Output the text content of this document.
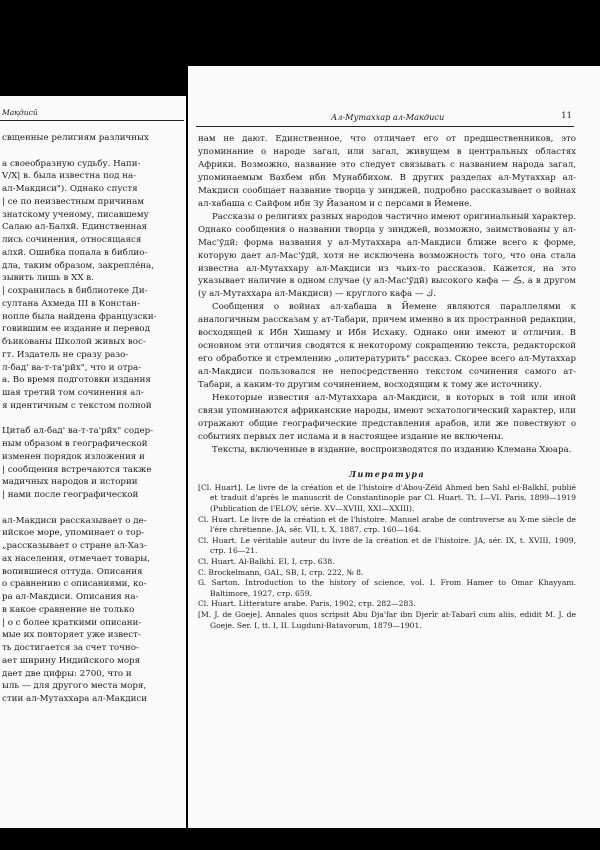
Мақдисӣ
свщенные религиям различных
а своеобразную судьбу. Напи-
V/X| в. была известна под на-
ал-Макдиси"). Однако спустя
| се по неизвестным причинам
знатскому ученому, писавшему
Салаю ал-Балхӣ. Единственная
лись сочинения, относящаяся
алхӣ. Ошибка попала в библио-
дла, таким образом, закрепле́на,
зывить лишь в XX в.
| сохранилась в библиотеке Ди-
султана Ахмеда III в Констан-
нопле была найдена французски-
говившим ее издание и перевод
бъикованы Школой живых вос-
гт. Издатель не сразу разо-
л-бад' ва-т-та'рӣх", что и отра-
а. Во время подготовки издания
шая третий том сочинения ал-
я идентичным с текстом полной
Цитаб ал-бад' ва-т-та'рӣх" содер-
ным образом в географической
изменен порядок изложения и
| сообщения встречаются также
мадичных народов и истории
| нами после географической
ал-Макдиси рассказывает о де-
ийское море, упоминает о тор-
„рассказывает о стране ал-Хаз-
ах населения, отмечает товары,
вопившиеся оттуда. Описания
о сравнению с описаниями, ко-
ра ал-Макдиси. Описания на-
в какое сравнение не только
| о с более краткими описани-
мые их повторяет уже извест-
ть достигается за счет точно-
ает ширину Индийского моря
дает две цифры: 2700, что и
ыль — для другого места моря,
стии ал-Мутаххара ал-Макдиси
Ал-Мутаххар ал-Макдиси	11

нам не дают. Единственное, что отличает его от предшественников, это упоминание о народе загал, или загал, живущем в центральных областях Африки. Возможно, название это следует связывать с названием народа загал, упоминаемым Вахбем ибн Мунаббихом. В других разделах ал-Мутаххар ал-Макдиси сообщает название творца у зинджей, подробно рассказывает о войнах ал-хабаша с Сайфом ибн Зу Йазаном и с персами в Йемене.

Рассказы о религиях разных народов частично имеют оригинальный характер. Однако сообщения о названии творца у зинджей, возможно, заимствованы у ал-Мас'ӯдӣ: форма названия у ал-Мутаххара ал-Макдиси ближе всего к форме, которую дает ал-Мас'ӯдӣ, хотя не исключена возможность того, что она стала известна ал-Мутаххару ал-Макдиси из чьих-то рассказов. Кажется, на это указывает наличие в одном случае (у ал-Мас'ӯдӣ) высокого кафа — ڪ, а в другом (у ал-Мутаххара ал-Макдиси) — круглого кафа — ك.

Сообщения о войнах ал-хабаша в Йемене являются параллелями к аналогичным рассказам у ат-Табари, причем именно в их пространной редакции, восходящей к Ибн Хишаму и Ибн Исхаку. Однако они имеют и отличия. В основном эти отличия сводятся к некоторому сокращению текста, редакторской его обработке и стремлению „олитературить" рассказ. Скорее всего ал-Мутаххар ал-Макдиси пользовался не непосредственно текстом сочинения самого ат-Табари, а каким-то другим сочинением, восходящим к тому же источнику.

Некоторые известия ал-Мутаххара ал-Макдиси, в которых в той или иной связи упоминаются африканские народы, имеют эсхатологический характер, или отражают общие географические представления арабов, или же повествуют о событиях первых лет ислама и в настоящее издание не включены.

Тексты, включенные в издание, воспроизводятся по изданию Клемана Хюара.

Литература

[Cl. Huart]. Le livre de la création et de l'histoire d'Abou-Zéïd Ahmed ben Sahl el-Balkhî, publié et traduit d'après le manuscrit de Constantinople par Cl. Huart. Tt. I—VI. Paris, 1899—1919 (Publication de l'ELOV, série. XV—XVIII, XXI—XXIII).

Cl. Huart. Le livre de la création et de l'histoire. Manuel arabe de controverse au X-me siècle de l'ère chrétienne. JA, sér. VII, t. X, 1887, стр. 160—164.

Cl. Huart. Le véritable auteur du livre de la création et de l'histoire. JA, sér. IX, t. XVIII, 1909, стр. 16—21.

Cl. Huart. Al-Balkhî. EI, I, стр. 638.

C. Brockelmann, GAL, SB, I, стр. 222, № 8.

G. Sarton. Introduction to the history of science, vol. I. From Hamer to Omar Khayyam. Baltimore, 1927, стр. 659.

Cl. Huart. Litterature arabe. Paris, 1902, стр. 282—283.

[M. J. de Goeje]. Annales quos scripsit Abu Dja'far ibn Djerîr at-Tabarî cum aliis, edidit M. J. de Goeje. Ser. I, tt. I, II. Lugduni-Batavorum, 1879—1901.
